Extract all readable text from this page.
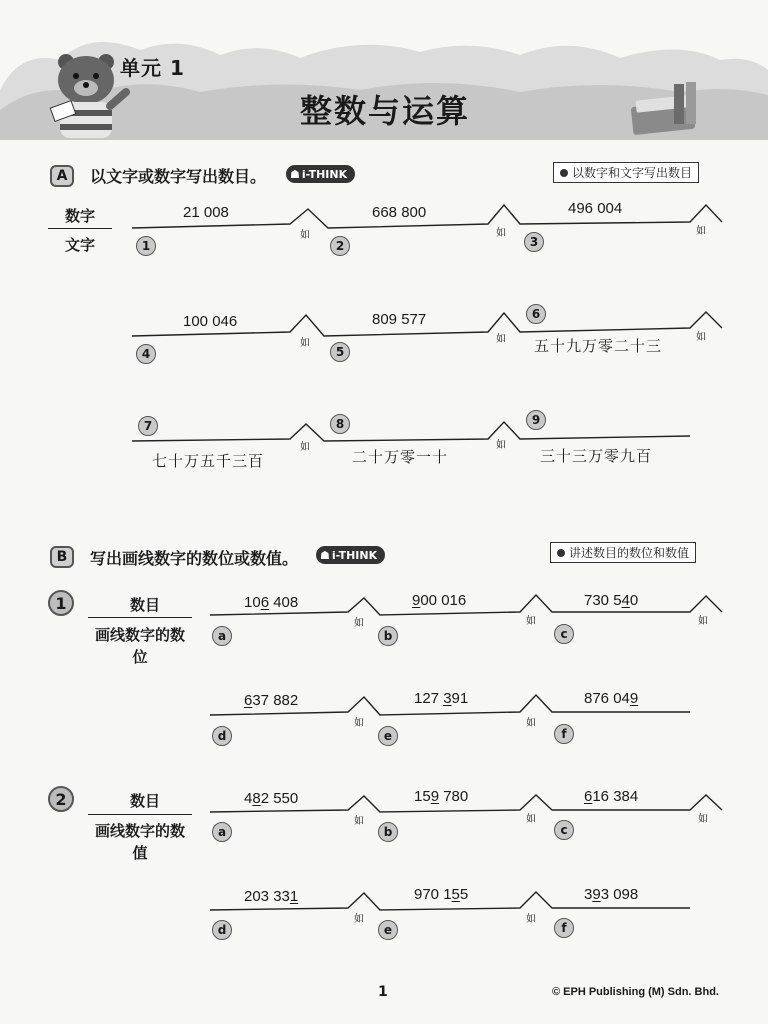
单元 1
整数与运算
A	以文字或数字写出数目。 ☗ i-THINK	以数字和文字写出数目
数字
文字
21 008
1
如
668 800
2
如
496 004
3
如
100 046
4
如
809 577
5
如
6
五十九万零二十三	如
7
七十万五千三百
如
8
二十万零一十
如
9
三十三万零九百
B	写出画线数字的数位或数值。 ☗ i-THINK	讲述数目的数位和数值
1	数目
画线数字的数位
106 408
a
如
900 016
b
如
730 540
c
如
637 882
d
如
127 391
e
如
876 049
f
2	数目
画线数字的数值
482 550
a
如
159 780
b
如
616 384
c
如
203 331
d
如
970 155
e
如
393 098
f
1	© EPH Publishing (M) Sdn. Bhd.
